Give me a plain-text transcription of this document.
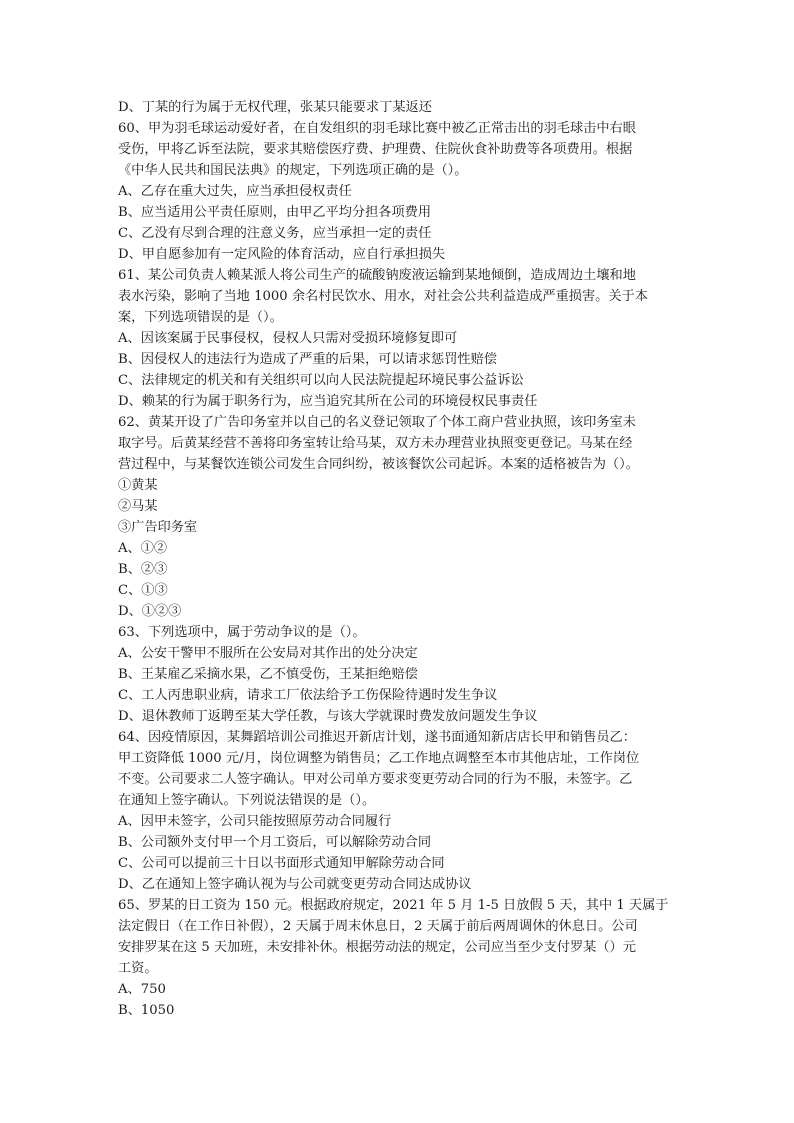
D、丁某的行为属于无权代理，张某只能要求丁某返还
60、甲为羽毛球运动爱好者，在自发组织的羽毛球比赛中被乙正常击出的羽毛球击中右眼
受伤，甲将乙诉至法院，要求其赔偿医疗费、护理费、住院伙食补助费等各项费用。根据
《中华人民共和国民法典》的规定，下列选项正确的是（）。
A、乙存在重大过失，应当承担侵权责任
B、应当适用公平责任原则，由甲乙平均分担各项费用
C、乙没有尽到合理的注意义务，应当承担一定的责任
D、甲自愿参加有一定风险的体育活动，应自行承担损失
61、某公司负责人赖某派人将公司生产的硫酸钠废液运输到某地倾倒，造成周边土壤和地
表水污染，影响了当地 1000 余名村民饮水、用水，对社会公共利益造成严重损害。关于本
案，下列选项错误的是（）。
A、因该案属于民事侵权，侵权人只需对受损环境修复即可
B、因侵权人的违法行为造成了严重的后果，可以请求惩罚性赔偿
C、法律规定的机关和有关组织可以向人民法院提起环境民事公益诉讼
D、赖某的行为属于职务行为，应当追究其所在公司的环境侵权民事责任
62、黄某开设了广告印务室并以自己的名义登记领取了个体工商户营业执照，该印务室未
取字号。后黄某经营不善将印务室转让给马某，双方未办理营业执照变更登记。马某在经
营过程中，与某餐饮连锁公司发生合同纠纷，被该餐饮公司起诉。本案的适格被告为（）。
①黄某
②马某
③广告印务室
A、①②
B、②③
C、①③
D、①②③
63、下列选项中，属于劳动争议的是（）。
A、公安干警甲不服所在公安局对其作出的处分决定
B、王某雇乙采摘水果，乙不慎受伤，王某拒绝赔偿
C、工人丙患职业病，请求工厂依法给予工伤保险待遇时发生争议
D、退休教师丁返聘至某大学任教，与该大学就课时费发放问题发生争议
64、因疫情原因，某舞蹈培训公司推迟开新店计划，遂书面通知新店店长甲和销售员乙：
甲工资降低 1000 元/月，岗位调整为销售员；乙工作地点调整至本市其他店址，工作岗位
不变。公司要求二人签字确认。甲对公司单方要求变更劳动合同的行为不服，未签字。乙
在通知上签字确认。下列说法错误的是（）。
A、因甲未签字，公司只能按照原劳动合同履行
B、公司额外支付甲一个月工资后，可以解除劳动合同
C、公司可以提前三十日以书面形式通知甲解除劳动合同
D、乙在通知上签字确认视为与公司就变更劳动合同达成协议
65、罗某的日工资为 150 元。根据政府规定，2021 年 5 月 1-5 日放假 5 天，其中 1 天属于
法定假日（在工作日补假），2 天属于周末休息日，2 天属于前后两周调休的休息日。公司
安排罗某在这 5 天加班，未安排补休。根据劳动法的规定，公司应当至少支付罗某（）元
工资。
A、750
B、1050
